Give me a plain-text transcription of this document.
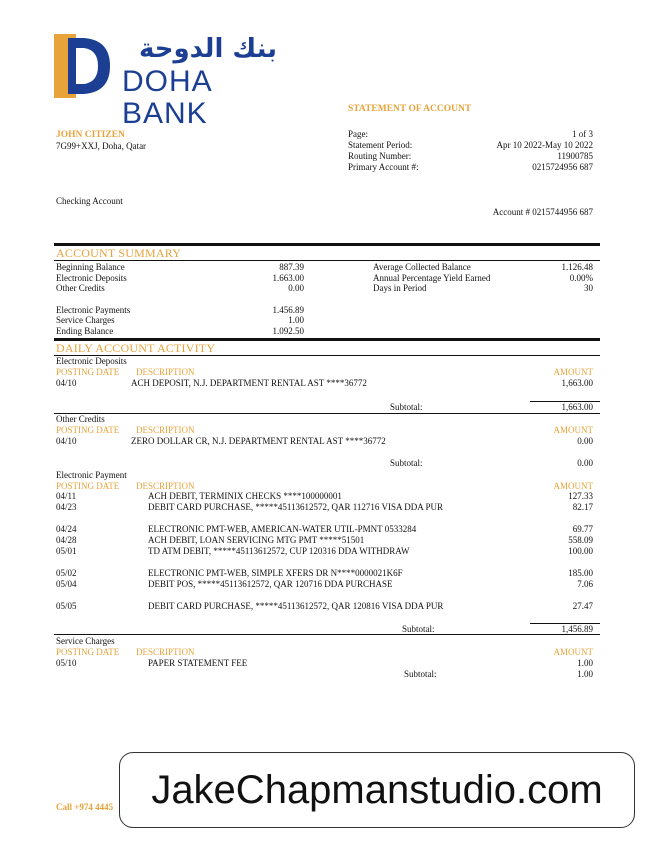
بنك الدوحة
DOHA BANK	STATEMENT OF ACCOUNT
JOHN CITIZEN
7G99+XXJ, Doha, Qatar
Page:	1 of 3
Statement Period:	Apr 10 2022-May 10 2022
Routing Number:	11900785
Primary Account #:	0215724956 687
Checking Account
Account # 0215744956 687
ACCOUNT SUMMARY
Beginning Balance	887.39
Electronic Deposits	1.663.00
Other Credits	0.00
Electronic Payments	1.456.89
Service Charges	1.00
Ending Balance	1.092.50
Average Collected Balance	1.126.48
Annual Percentage Yield Earned	0.00%
Days in Period	30
DAILY ACCOUNT ACTIVITY
Electronic Deposits
POSTING DATE DESCRIPTION	AMOUNT
04/10	ACH DEPOSIT, N.J. DEPARTMENT RENTAL AST ****36772	1,663.00
Subtotal:	1,663.00
Other Credits
POSTING DATE DESCRIPTION	AMOUNT
04/10	ZERO DOLLAR CR, N.J. DEPARTMENT RENTAL AST ****36772	0.00
Subtotal:	0.00
Electronic Payment
POSTING DATE DESCRIPTION	AMOUNT
04/11	ACH DEBIT, TERMINIX CHECKS ****100000001	127.33
04/23	DEBIT CARD PURCHASE, *****45113612572, QAR 112716 VISA DDA PUR	82.17
04/24	ELECTRONIC PMT-WEB, AMERICAN-WATER UTIL-PMNT 0533284	69.77
04/28	ACH DEBIT, LOAN SERVICING MTG PMT *****51501	558.09
05/01	TD ATM DEBIT, *****45113612572, CUP 120316 DDA WITHDRAW	100.00
05/02	ELECTRONIC PMT-WEB, SIMPLE XFERS DR N****0000021K6F	185.00
05/04	DEBIT POS, *****45113612572, QAR 120716 DDA PURCHASE	7.06
05/05	DEBIT CARD PURCHASE, *****45113612572, QAR 120816 VISA DDA PUR	27.47
Subtotal:	1,456.89
Service Charges
POSTING DATE DESCRIPTION	AMOUNT
05/10	PAPER STATEMENT FEE	1.00
Subtotal:	1.00
Call +974 4445 JakeChapmanstudio.com
